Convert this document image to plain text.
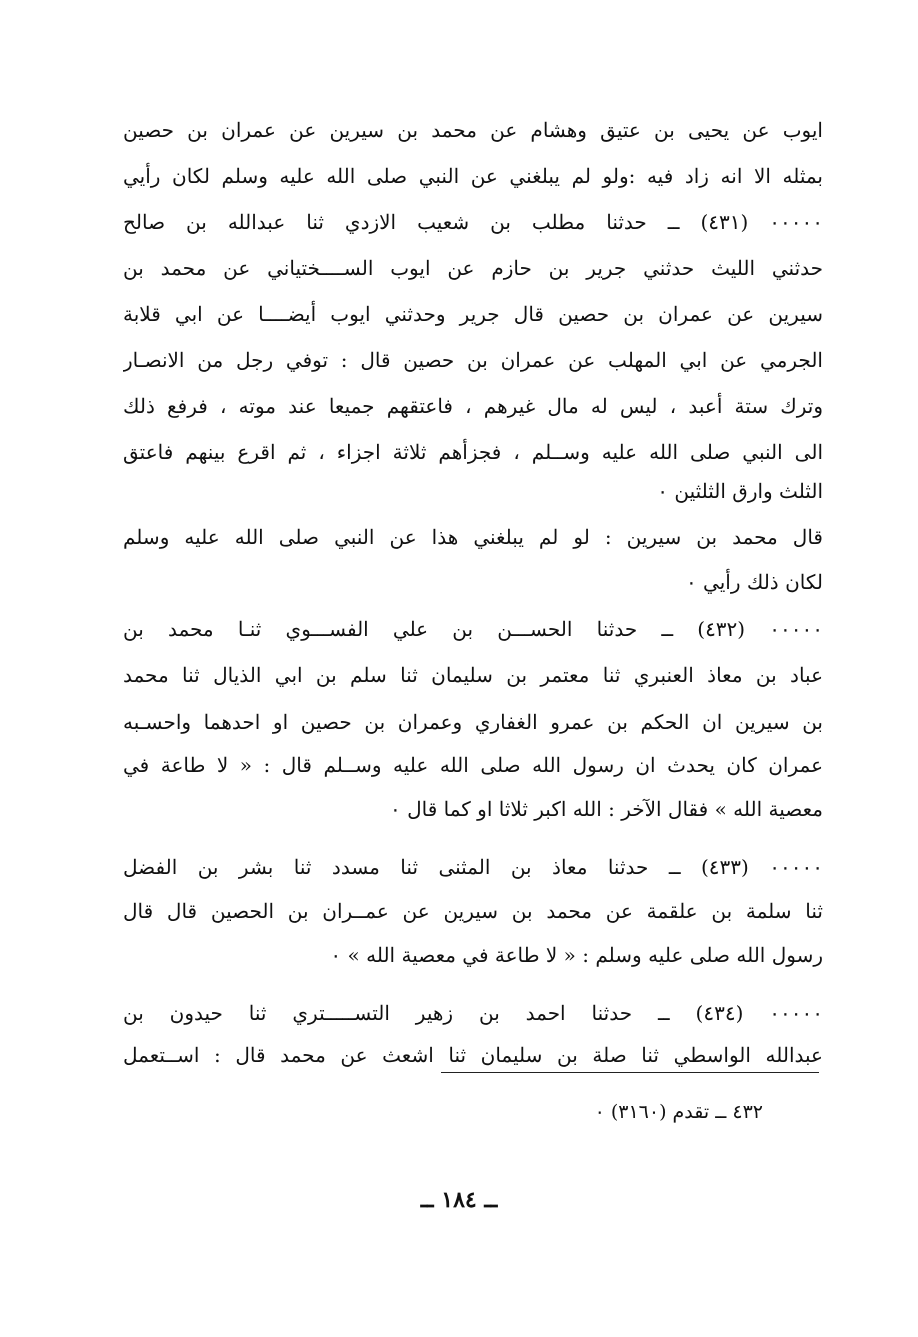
ايوب عن يحيى بن عتيق وهشام عن محمد بن سيرين عن عمران بن حصين
بمثله الا انه زاد فيه :ولو لم يبلغني عن النبي صلى الله عليه وسلم لكان رأيي
٠٠٠٠٠ (٤٣١) ــ حدثنا مطلب بن شعيب الازدي ثنا عبدالله بن صالح
حدثني الليث حدثني جرير بن حازم عن ايوب الســــختياني عن محمد بن
سيرين عن عمران بن حصين قال جرير وحدثني ايوب أيضــــا عن ابي قلابة
الجرمي عن ابي المهلب عن عمران بن حصين قال : توفي رجل من الانصـار
وترك ستة أعبد ، ليس له مال غيرهم ، فاعتقهم جميعا عند موته ، فرفع ذلك
الى النبي صلى الله عليه وســلم ، فجزأهم ثلاثة اجزاء ، ثم اقرع بينهم فاعتق
الثلث وارق الثلثين ٠
قال محمد بن سيرين : لو لم يبلغني هذا عن النبي صلى الله عليه وسلم
لكان ذلك رأيي ٠
٠٠٠٠٠ (٤٣٢) ــ حدثنا الحســـن بن علي الفســـوي ثنـا محمد بن
عباد بن معاذ العنبري ثنا معتمر بن سليمان ثنا سلم بن ابي الذيال ثنا محمد
بن سيرين ان الحكم بن عمرو الغفاري وعمران بن حصين او احدهما واحسـبه
عمران كان يحدث ان رسول الله صلى الله عليه وســلم قال : « لا طاعة في
معصية الله » فقال الآخر : الله اكبر ثلاثا او كما قال ٠
٠٠٠٠٠ (٤٣٣) ــ حدثنا معاذ بن المثنى ثنا مسدد ثنا بشر بن الفضل
ثنا سلمة بن علقمة عن محمد بن سيرين عن عمــران بن الحصين قال قال
رسول الله صلى عليه وسلم : « لا طاعة في معصية الله » ٠
٠٠٠٠٠ (٤٣٤) ــ حدثنا احمد بن زهير التســـــتري ثنا حيدون بن
عبدالله الواسطي ثنا صلة بن سليمان ثنا اشعث عن محمد قال : اســتعمل
٤٣٢ ــ تقدم (٣١٦٠) ٠
ــ ١٨٤ ــ
